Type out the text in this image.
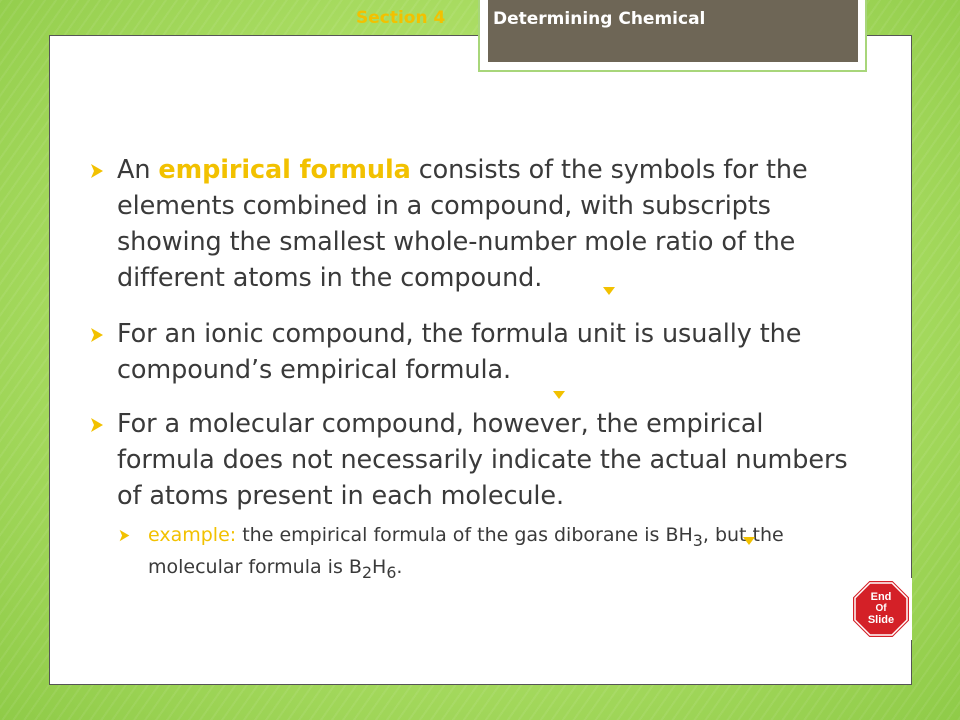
Section 4	Determining Chemical
An empirical formula consists of the symbols for the elements combined in a compound, with subscripts showing the smallest whole-number mole ratio of the different atoms in the compound.
For an ionic compound, the formula unit is usually the compound’s empirical formula.
For a molecular compound, however, the empirical formula does not necessarily indicate the actual numbers of atoms present in each molecule.
example: the empirical formula of the gas diborane is $BH_3$, but the molecular formula is $B_2H_6$.
End
Of
Slide
